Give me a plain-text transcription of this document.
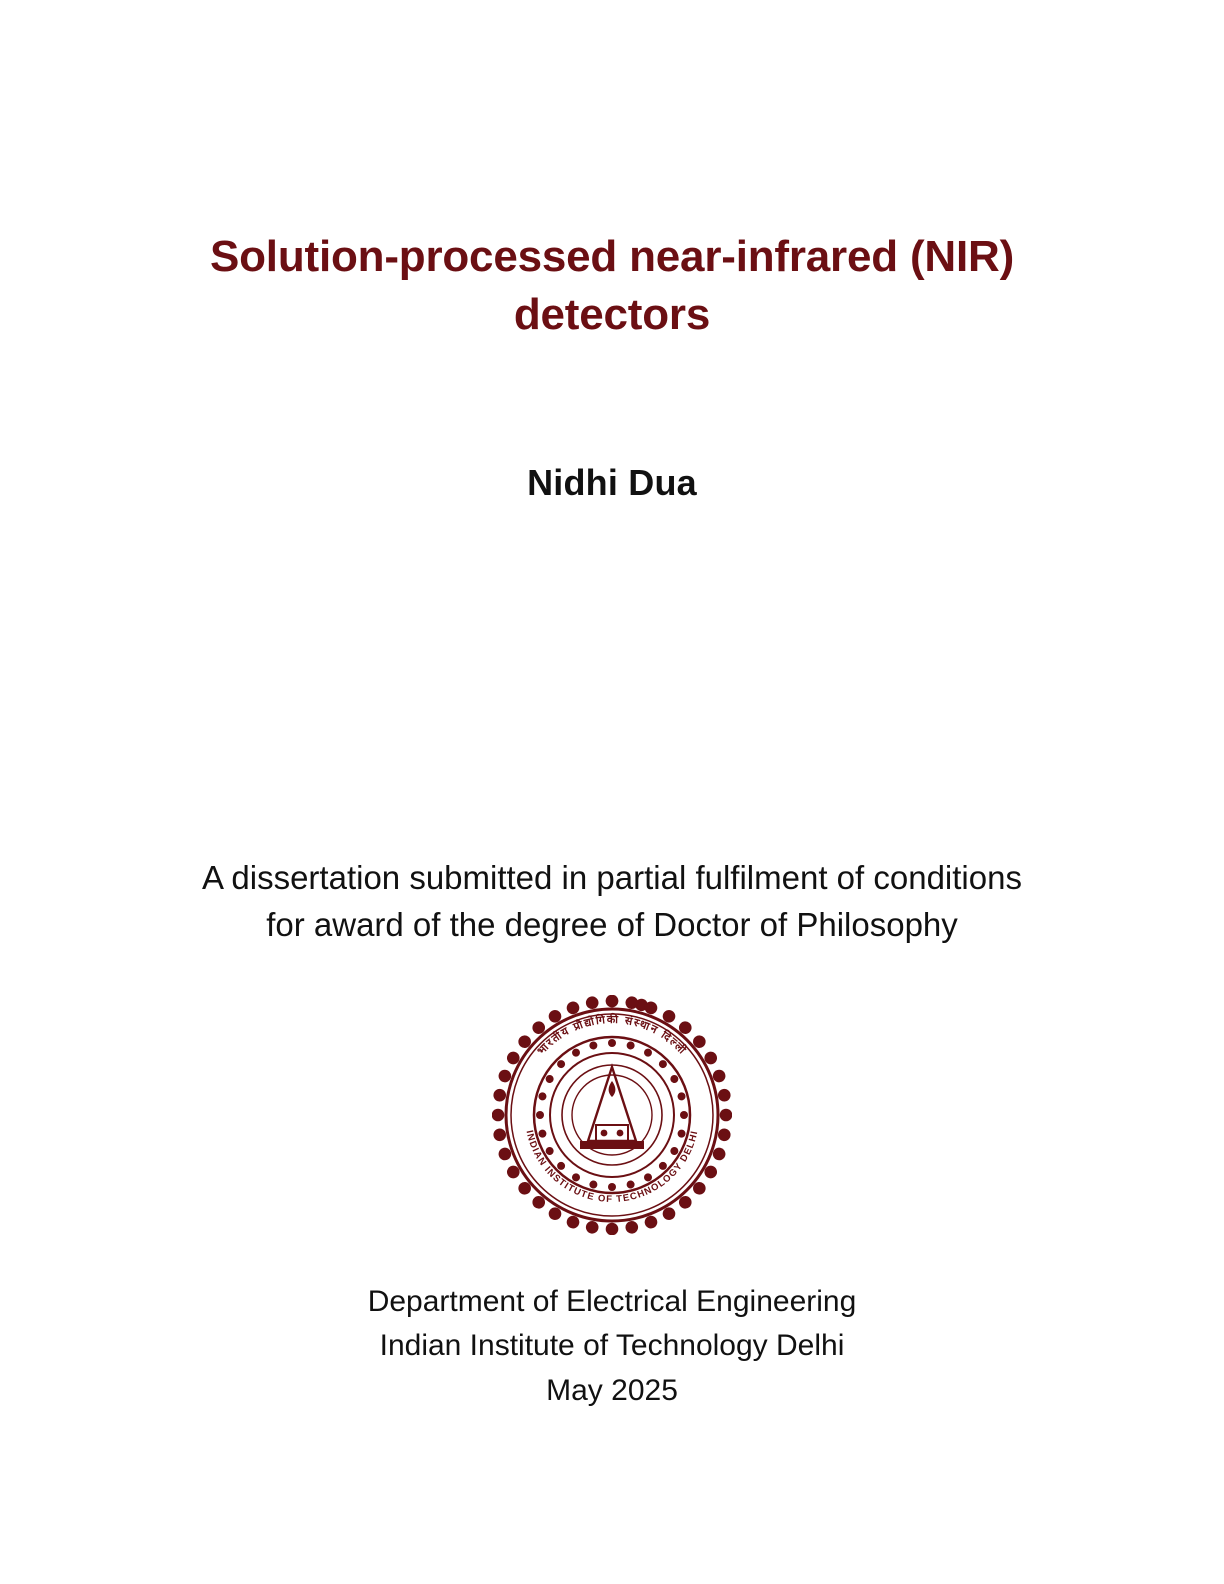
Solution-processed near-infrared (NIR) detectors
Nidhi Dua
A dissertation submitted in partial fulfilment of conditions
for award of the degree of Doctor of Philosophy
भारतीय प्रौद्योगिकी संस्थान दिल्ली
INDIAN INSTITUTE OF TECHNOLOGY DELHI
Department of Electrical Engineering
Indian Institute of Technology Delhi
May 2025
